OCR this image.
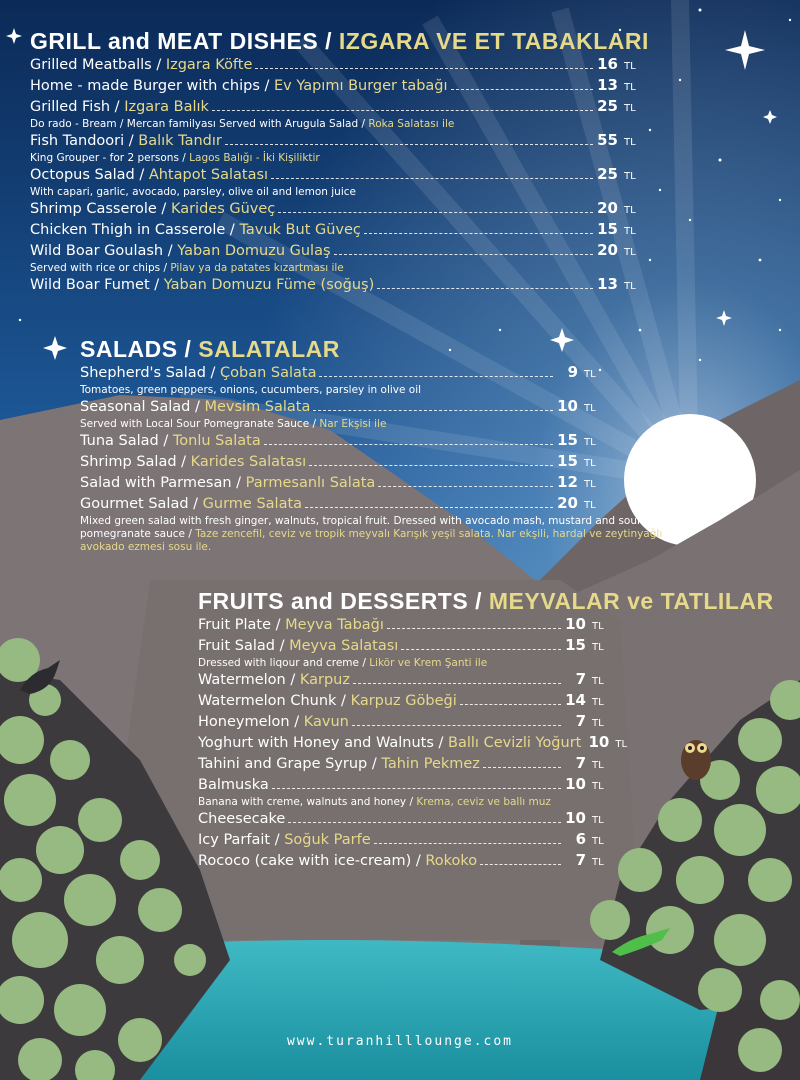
GRILL and MEAT DISHES / IZGARA VE ET TABAKLARI
Grilled Meatballs / Izgara Köfte	16 TL
Home - made Burger with chips / Ev Yapımı Burger tabağı	13 TL
Grilled Fish / Izgara Balık	25 TL
Do rado - Bream / Mercan familyası Served with Arugula Salad / Roka Salatası ile
Fish Tandoori / Balık Tandır	55 TL
King Grouper - for 2 persons / Lagos Balığı - İki Kişiliktir
Octopus Salad / Ahtapot Salatası	25 TL
With capari, garlic, avocado, parsley, olive oil and lemon juice
Shrimp Casserole / Karides Güveç	20 TL
Chicken Thigh in Casserole / Tavuk But Güveç	15 TL
Wild Boar Goulash / Yaban Domuzu Gulaş	20 TL
Served with rice or chips / Pilav ya da patates kızartması ile
Wild Boar Fumet / Yaban Domuzu Füme (soğuş)	13 TL
SALADS / SALATALAR
Shepherd's Salad / Çoban Salata	9 TL
Tomatoes, green peppers, onions, cucumbers, parsley in olive oil
Seasonal Salad / Mevsim Salata	10 TL
Served with Local Sour Pomegranate Sauce / Nar Ekşisi ile
Tuna Salad / Tonlu Salata	15 TL
Shrimp Salad / Karides Salatası	15 TL
Salad with Parmesan / Parmesanlı Salata	12 TL
Gourmet Salad / Gurme Salata	20 TL
Mixed green salad with fresh ginger, walnuts, tropical fruit. Dressed with avocado mash, mustard and sour pomegranate sauce / Taze zencefil, ceviz ve tropik meyvalı Karışık yeşil salata. Nar ekşili, hardal ve zeytinyağlı avokado ezmesi sosu ile.
FRUITS and DESSERTS / MEYVALAR ve TATLILAR
Fruit Plate / Meyva Tabağı	10 TL
Fruit Salad / Meyva Salatası	15 TL
Dressed with liqour and creme / Likör ve Krem Şanti ile
Watermelon / Karpuz	7 TL
Watermelon Chunk / Karpuz Göbeği	14 TL
Honeymelon / Kavun	7 TL
Yoghurt with Honey and Walnuts / Ballı Cevizli Yoğurt 10 TL
Tahini and Grape Syrup / Tahin Pekmez	7 TL
Balmuska	10 TL
Banana with creme, walnuts and honey / Krema, ceviz ve ballı muz
Cheesecake	10 TL
Icy Parfait / Soğuk Parfe	6 TL
Rococo (cake with ice-cream) / Rokoko	7 TL
www.turanhilllounge.com
